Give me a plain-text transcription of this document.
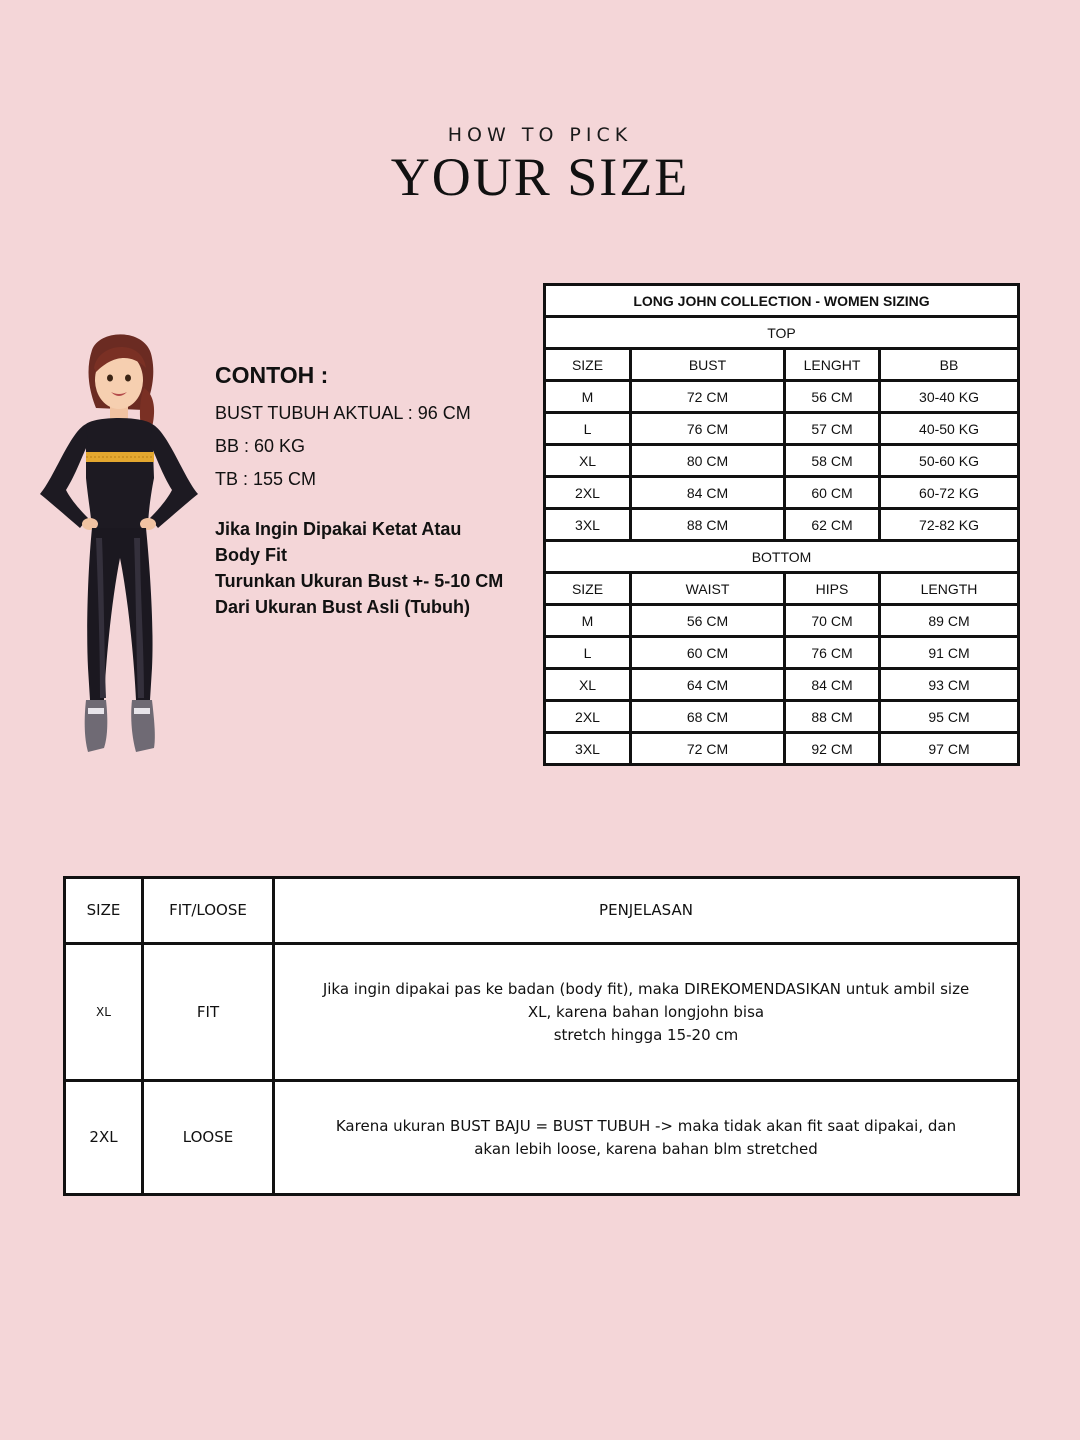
HOW TO PICK
YOUR SIZE
CONTOH :
BUST TUBUH AKTUAL : 96 CM
BB : 60 KG
TB : 155 CM
Jika Ingin Dipakai Ketat Atau
Body Fit
Turunkan Ukuran Bust +- 5-10 CM
Dari Ukuran Bust Asli (Tubuh)
LONG JOHN COLLECTION - WOMEN SIZING			
TOP			
SIZE	BUST	LENGHT	BB
M	72 CM	56 CM	30-40 KG
L	76 CM	57 CM	40-50 KG
XL	80 CM	58 CM	50-60 KG
2XL	84 CM	60 CM	60-72 KG
3XL	88 CM	62 CM	72-82 KG
BOTTOM			
SIZE	WAIST	HIPS	LENGTH
M	56 CM	70 CM	89 CM
L	60 CM	76 CM	91 CM
XL	64 CM	84 CM	93 CM
2XL	68 CM	88 CM	95 CM
3XL	72 CM	92 CM	97 CM
SIZE	FIT/LOOSE	PENJELASAN
XL	FIT	Jika ingin dipakai pas ke badan (body fit), maka DIREKOMENDASIKAN untuk ambil size
XL, karena bahan longjohn bisa
stretch hingga 15-20 cm

2XL	LOOSE	Karena ukuran BUST BAJU = BUST TUBUH -> maka tidak akan fit saat dipakai, dan
akan lebih loose, karena bahan blm stretched
